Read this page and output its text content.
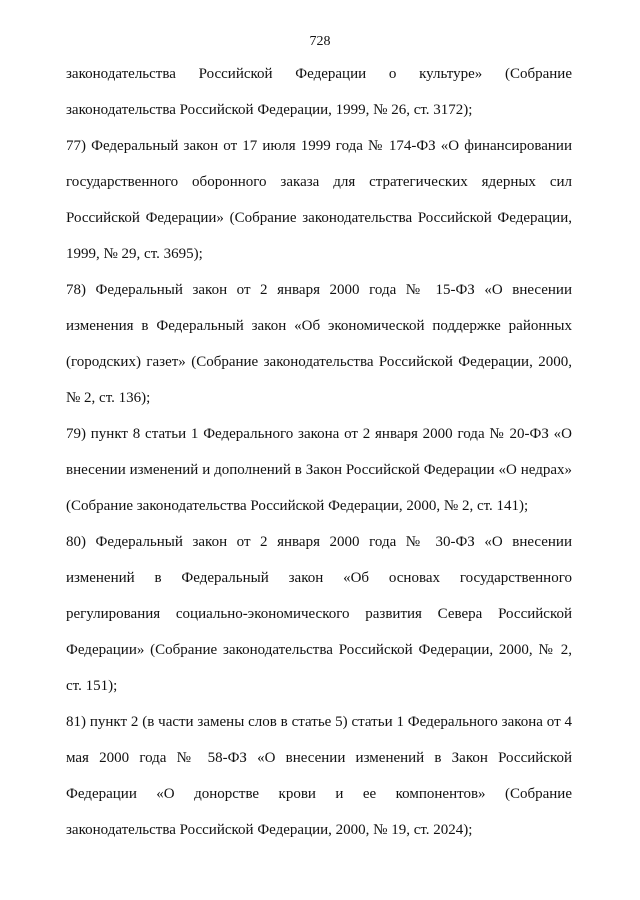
728

законодательства Российской Федерации о культуре» (Собрание законодательства Российской Федерации, 1999, № 26, ст. 3172);

77) Федеральный закон от 17 июля 1999 года № 174-ФЗ «О финансировании государственного оборонного заказа для стратегических ядерных сил Российской Федерации» (Собрание законодательства Российской Федерации, 1999, № 29, ст. 3695);

78) Федеральный закон от 2 января 2000 года № 15-ФЗ «О внесении изменения в Федеральный закон «Об экономической поддержке районных (городских) газет» (Собрание законодательства Российской Федерации, 2000, № 2, ст. 136);

79) пункт 8 статьи 1 Федерального закона от 2 января 2000 года № 20-ФЗ «О внесении изменений и дополнений в Закон Российской Федерации «О недрах» (Собрание законодательства Российской Федерации, 2000, № 2, ст. 141);

80) Федеральный закон от 2 января 2000 года № 30-ФЗ «О внесении изменений в Федеральный закон «Об основах государственного регулирования социально-экономического развития Севера Российской Федерации» (Собрание законодательства Российской Федерации, 2000, № 2, ст. 151);

81) пункт 2 (в части замены слов в статье 5) статьи 1 Федерального закона от 4 мая 2000 года № 58-ФЗ «О внесении изменений в Закон Российской Федерации «О донорстве крови и ее компонентов» (Собрание законодательства Российской Федерации, 2000, № 19, ст. 2024);
